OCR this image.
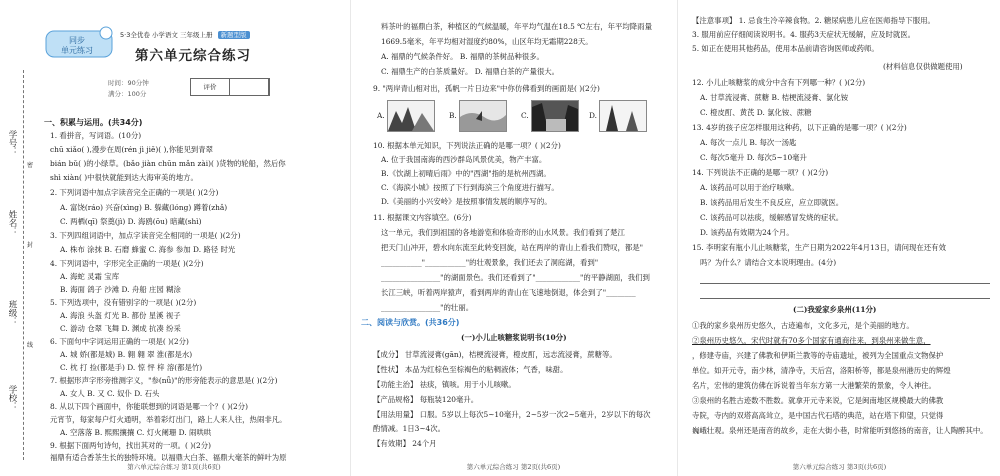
学号：
姓名：
班级：
学校：
密
封
线
同步
单元练习
5·3全优卷 小学语文 三年级上册 新题型版
第六单元综合练习
时间：90分钟
满分：100分
评价
一、积累与运用。(共34分)
1. 看拼音，写词语。(10分)
chū xiǎo( ),漫步在周(rén jì jiě)( ),你能见到青翠
bián bǔ( )的小绿草。(bǎo jiàn chūn mǎn zài)( )货物的轮船，然后你
shì xiàn( )中很快就能到达大海审美的地方。
2. 下列词语中加点字读音完全正确的一项是( )(2分)
A. 富饶(ráo) 兴奋(xìng) B. 躲藏(lóng) 蹲着(zhǎ)
C. 两栖(qī) 祭奠(jì) D. 海鸥(ōu) 暗藏(shì)
3. 下列四组词语中，加点字读音完全相同的一项是( )(2分)
A. 株布 涂抹 B. 石磨 蜂蜜 C. 海参 参加 D. 路径 时光
4. 下列词语中，字形完全正确的一项是( )(2分)
A. 海蛇 灵霜 宝库
B. 海面 鸽子 沙滩 D. 舟船 庄园 糊涂
5. 下列选项中，没有错别字的一项是( )(2分)
A. 海浪 头盔 灯光 B. 都份 星溪 视子
C. 游动 仓翠 飞舞 D. 渊成 抗凑 纷采
6. 下面句中字词运用正确的一项是( )(2分)
A. 城 娇(都是城) B. 翱 翱 翠 淮(都是水)
C. 枕 打 捡(都是手) D. 惊 怦 梓 溶(都是竹)
7. 根据形声字形旁推测字义，"参(nǚ)"的形旁能表示的意思是( )(2分)
A. 女人 B. 又 C. 奴仆 D. 石头
8. 从以下四个画面中，你能联想到的词语是哪一个？( )(2分)
元宵节，每家每户灯火通明，举着彩灯出门，路上人来人往，热闹非凡。
A. 空落落 B. 熙熙攘攘 C. 灯火阑珊 D. 闹哄哄
9. 根据下面两句诗句，找出其对的一项。( )(2分)
福鼎有适合香茶生长的独特环境。以福鼎大白茶、福鼎大毫茶的鲜叶为原
第六单元综合练习 第1页(共6页)
料茶叶的福鼎白茶，种植区的气候温暖，年平均气温在18.5 ℃左右，年平均降雨量
1669.5毫米，年平均相对湿度约80%，山区年均无霜期228天。
A. 福鼎的气候条件好。 B. 福鼎的茶树品种很多。
C. 福鼎生产的白茶质量好。 D. 福鼎白茶的产量很大。
9. "两岸青山相对出，孤帆一片日边来"中你仿佛看到的画面是( )(2分)
A.	B.	C.	D.
10. 根据本单元知识，下列说法正确的是哪一项？( )(2分)
A. 位于我国南海的西沙群岛风景优美，物产丰富。
B.《饮湖上初晴后雨》中的"西湖"指的是杭州西湖。
C.《海滨小城》按照了下行到海滨三个角度进行描写。
D.《美丽的小兴安岭》是按照事情发展的顺序写的。
11. 根据课文内容填空。(6分)
这一单元，我们到祖国的各地游览和体验奇形的山水风景。我们看到了楚江
把天门山冲开，碧水向东流至此转变回旋，站在两岸的青山上看我们赞叹，都是"
___________"___________"的壮观景象，我们还去了洞庭湖，看到"
________________"的湖面景色。我们还看到了"____________"的平静湖面，我们到
长江三峡，听着两岸猿声，看到两岸的青山在飞速地倒退，体会到了"________
________________"的壮丽。
二、阅读与欣赏。(共36分)
(一)小儿止咳糖浆说明书(10分)
【成分】 甘草流浸膏(gān)，桔梗流浸膏，橙皮酊，远志流浸膏，蔗糖等。
【性状】 本品为红棕色至棕褐色的粘稠液体；气香，味甜。
【功能主治】 祛痰，镇咳。用于小儿咳嗽。
【产品规格】 每瓶装120毫升。
【用法用量】 口服。5岁以上每次5~10毫升，2~5岁一次2~5毫升，2岁以下的每次
酌情减。1日3~4次。
【有效期】 24个月
第六单元综合练习 第2页(共6页)
【注意事项】 1. 忌食生冷辛辣食物。2. 糖尿病患儿应在医师指导下服用。
3. 服用前应仔细阅读说明书。4. 服药3天症状无缓解，应及时就医。
5. 如正在使用其他药品，使用本品前请咨询医师或药师。
(材料信息仅供做题使用)
12. 小儿止咳糖浆的成分中含有下列哪一种？( )(2分)
A. 甘草流浸膏、蔗糖 B. 桔梗流浸膏、氯化铵
C. 橙皮酊、黄芪 D. 氯化铵、蔗糖
13. 4岁的孩子应怎样服用这种药，以下正确的是哪一项？( )(2分)
A. 每次一点儿 B. 每次一汤匙
C. 每次5毫升 D. 每次5~10毫升
14. 下列说法不正确的是哪一项？( )(2分)
A. 该药品可以用于治疗咳嗽。
B. 该药品用后发生不良反应，应立即就医。
C. 该药品可以祛痰，缓解感冒发烧的症状。
D. 该药品有效期为24个月。
15. 李明家有瓶小儿止咳糖浆，生产日期为2022年4月13日，请问现在还有效
吗？为什么？请结合文本说明理由。(4分)
(二)我爱家乡泉州(11分)
①我的家乡泉州历史悠久，古迹遍布，文化多元，是个美丽的地方。
②泉州历史悠久，宋代时就有70多个国家有通商往来，到泉州来做生意，
，修建寺庙，兴建了佛教和伊斯兰教等的寺庙遗址，被列为全国重点文物保护
单位。如开元寺，南少林，清净寺，天后宫，洛阳桥等，都是泉州港历史的辉煌
名片，宏伟的建筑仿佛在诉说着当年东方第一大港繁荣的景象，令人神往。
③泉州的名胜古迹数不胜数。就拿开元寺来说，它是闽南地区规模最大的佛教
寺院，寺内的双塔高高耸立，是中国古代石塔的典范，站在塔下仰望，只觉得
巍峨壮观。泉州还是南音的故乡，走在大街小巷，时常能听到悠扬的南音，让人陶醉其中。
第六单元综合练习 第3页(共6页)
